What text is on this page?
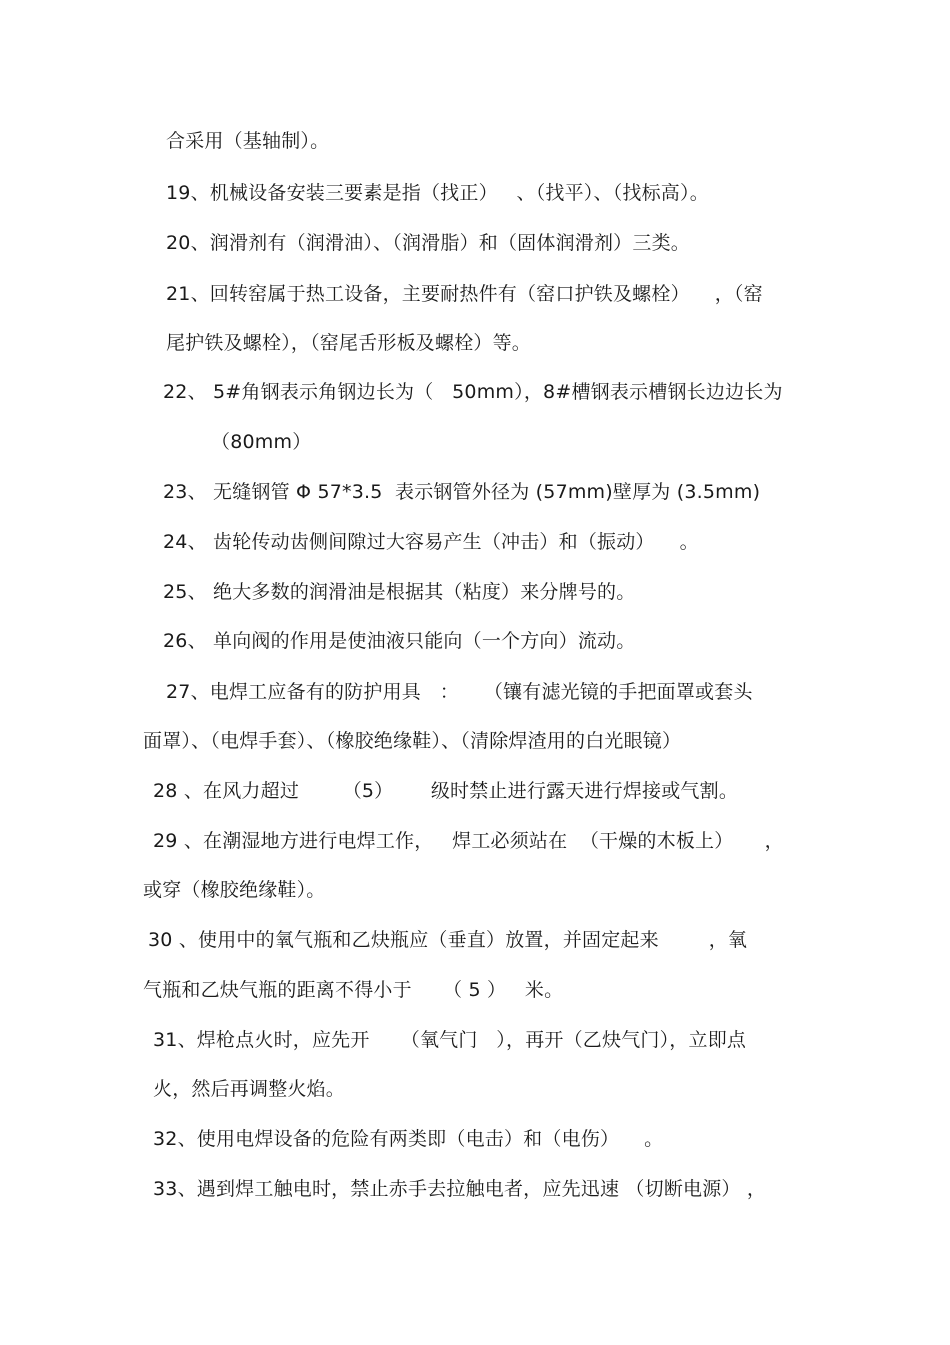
合采用（基轴制）。
19、机械设备安装三要素是指（找正）   、（找平）、（找标高）。
20、润滑剂有（润滑油）、（润滑脂）和（固体润滑剂）三类。
21、回转窑属于热工设备，主要耐热件有（窑口护铁及螺栓）    ，（窑
尾护铁及螺栓），（窑尾舌形板及螺栓）等。
22、 5#角钢表示角钢边长为（   50mm），8#槽钢表示槽钢长边边长为
（80mm）
23、 无缝钢管 Φ 57*3.5  表示钢管外径为 (57mm)壁厚为 (3.5mm)
24、 齿轮传动齿侧间隙过大容易产生（冲击）和（振动）    。
25、 绝大多数的润滑油是根据其（粘度）来分牌号的。
26、 单向阀的作用是使油液只能向（一个方向）流动。
27、电焊工应备有的防护用具   ：    （镶有滤光镜的手把面罩或套头
面罩）、（电焊手套）、（橡胶绝缘鞋）、（清除焊渣用的白光眼镜）
28 、在风力超过       （5）      级时禁止进行露天进行焊接或气割。
29 、在潮湿地方进行电焊工作，   焊工必须站在  （干燥的木板上）     ，
或穿（橡胶绝缘鞋）。
30 、使用中的氧气瓶和乙炔瓶应（垂直）放置，并固定起来        ，氧
气瓶和乙炔气瓶的距离不得小于     （ 5 ）   米。
31、焊枪点火时，应先开     （氧气门   ），再开（乙炔气门），立即点
火，然后再调整火焰。
32、使用电焊设备的危险有两类即（电击）和（电伤）    。
33、遇到焊工触电时，禁止赤手去拉触电者，应先迅速 （切断电源） ，
